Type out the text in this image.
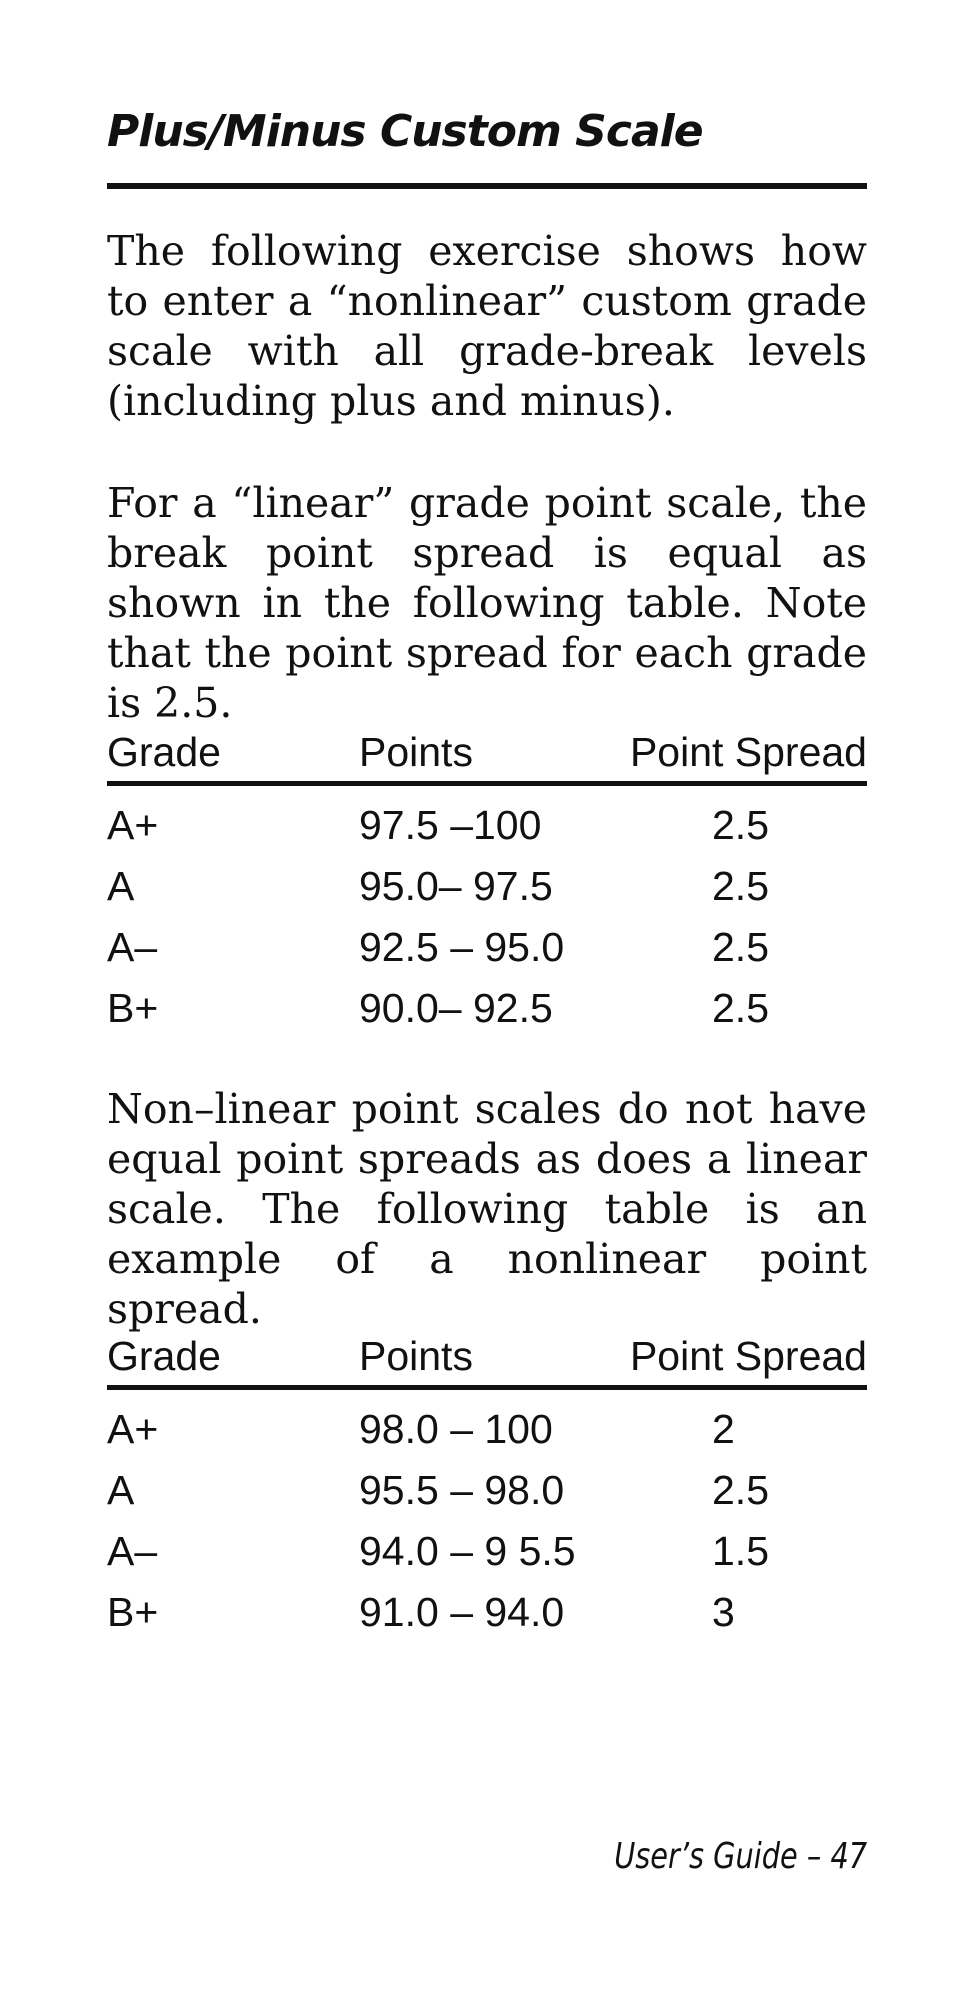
Plus/Minus Custom Scale

The following exercise shows how to enter a “nonlinear” custom grade scale with all grade-break levels (including plus and minus).

For a “linear” grade point scale, the break point spread is equal as shown in the following table. Note that the point spread for each grade is 2.5.

Grade	Points	Point Spread
A+	97.5 –100	2.5
A	95.0– 97.5	2.5
A–	92.5 – 95.0	2.5
B+	90.0– 92.5	2.5

Non–linear point scales do not have equal point spreads as does a linear scale. The following table is an example of a nonlinear point spread.

Grade	Points	Point Spread
A+	98.0 – 100	2
A	95.5 – 98.0	2.5
A–	94.0 – 9 5.5	1.5
B+	91.0 – 94.0	3
User’s Guide – 47
